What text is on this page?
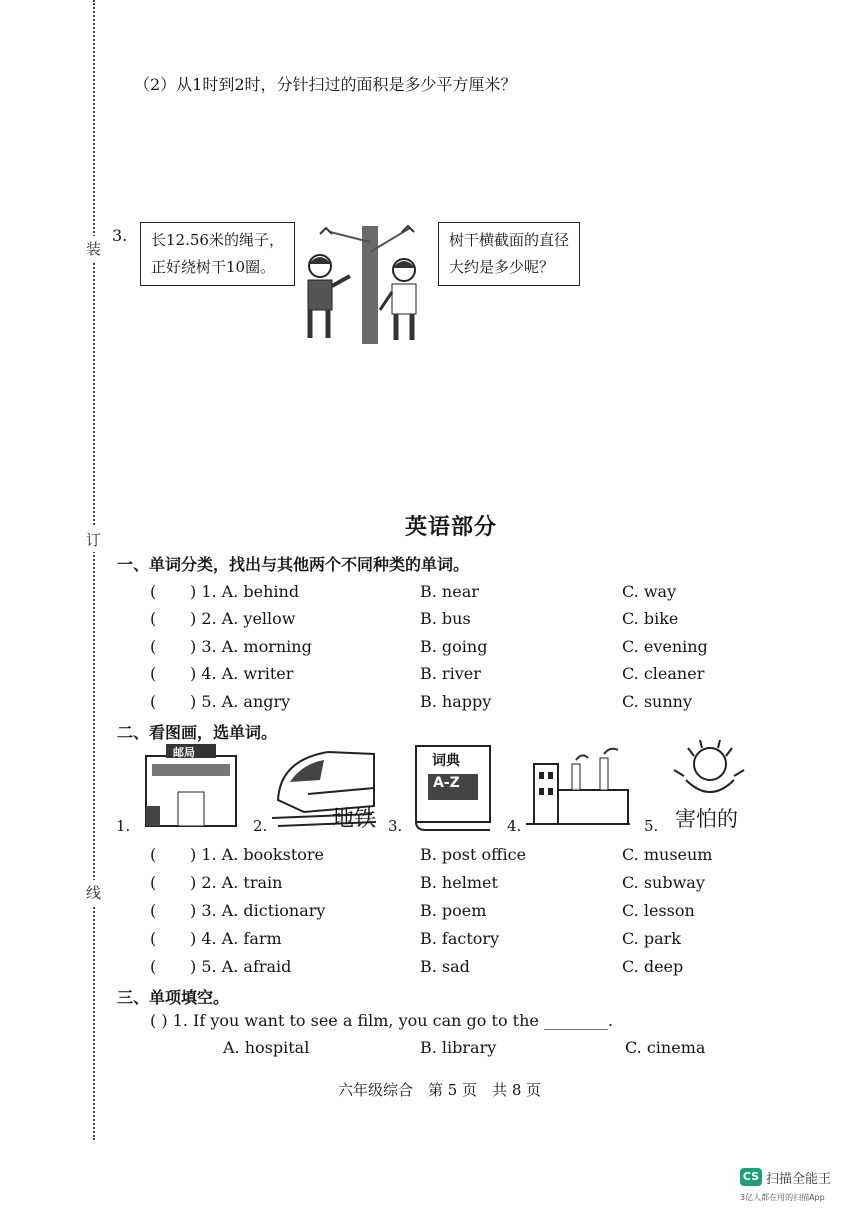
装
订
线
（2）从1时到2时，分针扫过的面积是多少平方厘米？
3. 长12.56米的绳子，
正好绕树干10圈。
树干横截面的直径
大约是多少呢？
英语部分
一、单词分类，找出与其他两个不同种类的单词。
( ) 1. A. behind	B. near	C. way
( ) 2. A. yellow	B. bus	C. bike
( ) 3. A. morning	B. going	C. evening
( ) 4. A. writer	B. river	C. cleaner
( ) 5. A. angry	B. happy	C. sunny
二、看图画，选单词。
1.
邮局
2.	地铁 3.
词典
A-Z
4.	5. 害怕的
( ) 1. A. bookstore	B. post office	C. museum
( ) 2. A. train	B. helmet	C. subway
( ) 3. A. dictionary	B. poem	C. lesson
( ) 4. A. farm	B. factory	C. park
( ) 5. A. afraid	B. sad	C. deep
三、单项填空。
( ) 1. If you want to see a film, you can go to the ________.
A. hospital	B. library	C. cinema
六年级综合　第 5 页　共 8 页
CS 扫描全能王
3亿人都在用的扫描App
